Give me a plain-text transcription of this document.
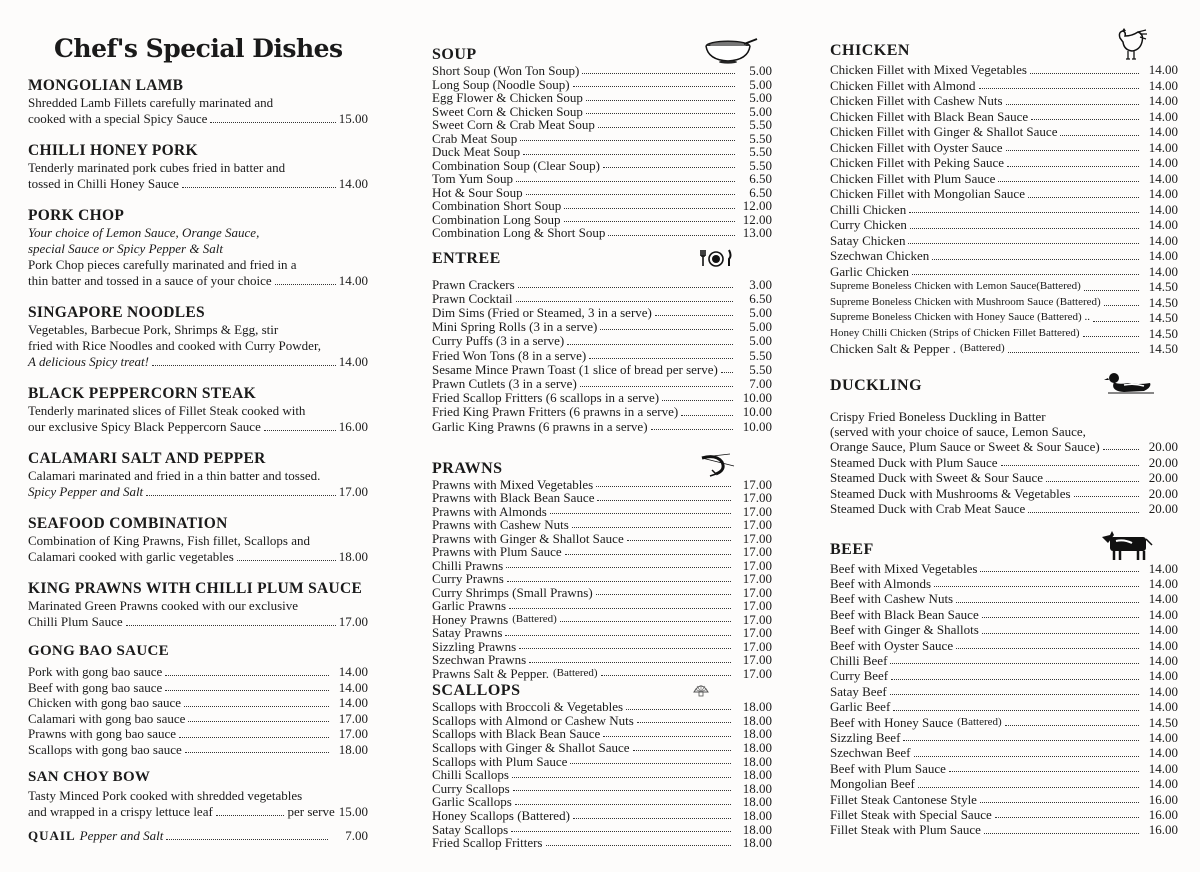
Chef's Special Dishes
MONGOLIAN LAMB
Shredded Lamb Fillets carefully marinated and
cooked with a special Spicy Sauce	15.00
CHILLI HONEY PORK
Tenderly marinated pork cubes fried in batter and
tossed in Chilli Honey Sauce	14.00
PORK CHOP
Your choice of Lemon Sauce, Orange Sauce,
special Sauce or Spicy Pepper & Salt
Pork Chop pieces carefully marinated and fried in a
thin batter and tossed in a sauce of your choice	14.00
SINGAPORE NOODLES
Vegetables, Barbecue Pork, Shrimps & Egg, stir
fried with Rice Noodles and cooked with Curry Powder,
A delicious Spicy treat!	14.00
BLACK PEPPERCORN STEAK
Tenderly marinated slices of Fillet Steak cooked with
our exclusive Spicy Black Peppercorn Sauce	16.00
CALAMARI SALT AND PEPPER
Calamari marinated and fried in a thin batter and tossed.
Spicy Pepper and Salt	17.00
SEAFOOD COMBINATION
Combination of King Prawns, Fish fillet, Scallops and
Calamari cooked with garlic vegetables	18.00
KING PRAWNS WITH CHILLI PLUM SAUCE
Marinated Green Prawns cooked with our exclusive
Chilli Plum Sauce	17.00
GONG BAO SAUCE
Pork with gong bao sauce	14.00
Beef with gong bao sauce	14.00
Chicken with gong bao sauce	14.00
Calamari with gong bao sauce	17.00
Prawns with gong bao sauce	17.00
Scallops with gong bao sauce	18.00
SAN CHOY BOW
Tasty Minced Pork cooked with shredded vegetables
and wrapped in a crispy lettuce leaf	per serve 15.00
QUAIL Pepper and Salt	7.00
SOUP
Short Soup (Won Ton Soup)	5.00
Long Soup (Noodle Soup)	5.00
Egg Flower & Chicken Soup	5.00
Sweet Corn & Chicken Soup	5.00
Sweet Corn & Crab Meat Soup	5.50
Crab Meat Soup	5.50
Duck Meat Soup	5.50
Combination Soup (Clear Soup)	5.50
Tom Yum Soup	6.50
Hot & Sour Soup	6.50
Combination Short Soup	12.00
Combination Long Soup	12.00
Combination Long & Short Soup	13.00
ENTREE
Prawn Crackers	3.00
Prawn Cocktail	6.50
Dim Sims (Fried or Steamed, 3 in a serve)	5.00
Mini Spring Rolls (3 in a serve)	5.00
Curry Puffs (3 in a serve)	5.00
Fried Won Tons (8 in a serve)	5.50
Sesame Mince Prawn Toast (1 slice of bread per serve)	5.50
Prawn Cutlets (3 in a serve)	7.00
Fried Scallop Fritters (6 scallops in a serve)	10.00
Fried King Prawn Fritters (6 prawns in a serve)	10.00
Garlic King Prawns (6 prawns in a serve)	10.00
PRAWNS
Prawns with Mixed Vegetables	17.00
Prawns with Black Bean Sauce	17.00
Prawns with Almonds	17.00
Prawns with Cashew Nuts	17.00
Prawns with Ginger & Shallot Sauce	17.00
Prawns with Plum Sauce	17.00
Chilli Prawns	17.00
Curry Prawns	17.00
Curry Shrimps (Small Prawns)	17.00
Garlic Prawns	17.00
Honey Prawns (Battered)	17.00
Satay Prawns	17.00
Sizzling Prawns	17.00
Szechwan Prawns	17.00
Prawns Salt & Pepper. (Battered)	17.00
SCALLOPS
Scallops with Broccoli & Vegetables	18.00
Scallops with Almond or Cashew Nuts	18.00
Scallops with Black Bean Sauce	18.00
Scallops with Ginger & Shallot Sauce	18.00
Scallops with Plum Sauce	18.00
Chilli Scallops	18.00
Curry Scallops	18.00
Garlic Scallops	18.00
Honey Scallops (Battered)	18.00
Satay Scallops	18.00
Fried Scallop Fritters	18.00
CHICKEN
Chicken Fillet with Mixed Vegetables	14.00
Chicken Fillet with Almond	14.00
Chicken Fillet with Cashew Nuts	14.00
Chicken Fillet with Black Bean Sauce	14.00
Chicken Fillet with Ginger & Shallot Sauce	14.00
Chicken Fillet with Oyster Sauce	14.00
Chicken Fillet with Peking Sauce	14.00
Chicken Fillet with Plum Sauce	14.00
Chicken Fillet with Mongolian Sauce	14.00
Chilli Chicken	14.00
Curry Chicken	14.00
Satay Chicken	14.00
Szechwan Chicken	14.00
Garlic Chicken	14.00
Supreme Boneless Chicken with Lemon Sauce(Battered)	14.50
Supreme Boneless Chicken with Mushroom Sauce (Battered)	14.50
Supreme Boneless Chicken with Honey Sauce (Battered) ..	14.50
Honey Chilli Chicken (Strips of Chicken Fillet Battered)	14.50
Chicken Salt & Pepper . (Battered)	14.50
DUCKLING
Crispy Fried Boneless Duckling in Batter
(served with your choice of sauce, Lemon Sauce,
Orange Sauce, Plum Sauce or Sweet & Sour Sauce)	20.00
Steamed Duck with Plum Sauce	20.00
Steamed Duck with Sweet & Sour Sauce	20.00
Steamed Duck with Mushrooms & Vegetables	20.00
Steamed Duck with Crab Meat Sauce	20.00
BEEF
Beef with Mixed Vegetables	14.00
Beef with Almonds	14.00
Beef with Cashew Nuts	14.00
Beef with Black Bean Sauce	14.00
Beef with Ginger & Shallots	14.00
Beef with Oyster Sauce	14.00
Chilli Beef	14.00
Curry Beef	14.00
Satay Beef	14.00
Garlic Beef	14.00
Beef with Honey Sauce (Battered)	14.50
Sizzling Beef	14.00
Szechwan Beef	14.00
Beef with Plum Sauce	14.00
Mongolian Beef	14.00
Fillet Steak Cantonese Style	16.00
Fillet Steak with Special Sauce	16.00
Fillet Steak with Plum Sauce	16.00
